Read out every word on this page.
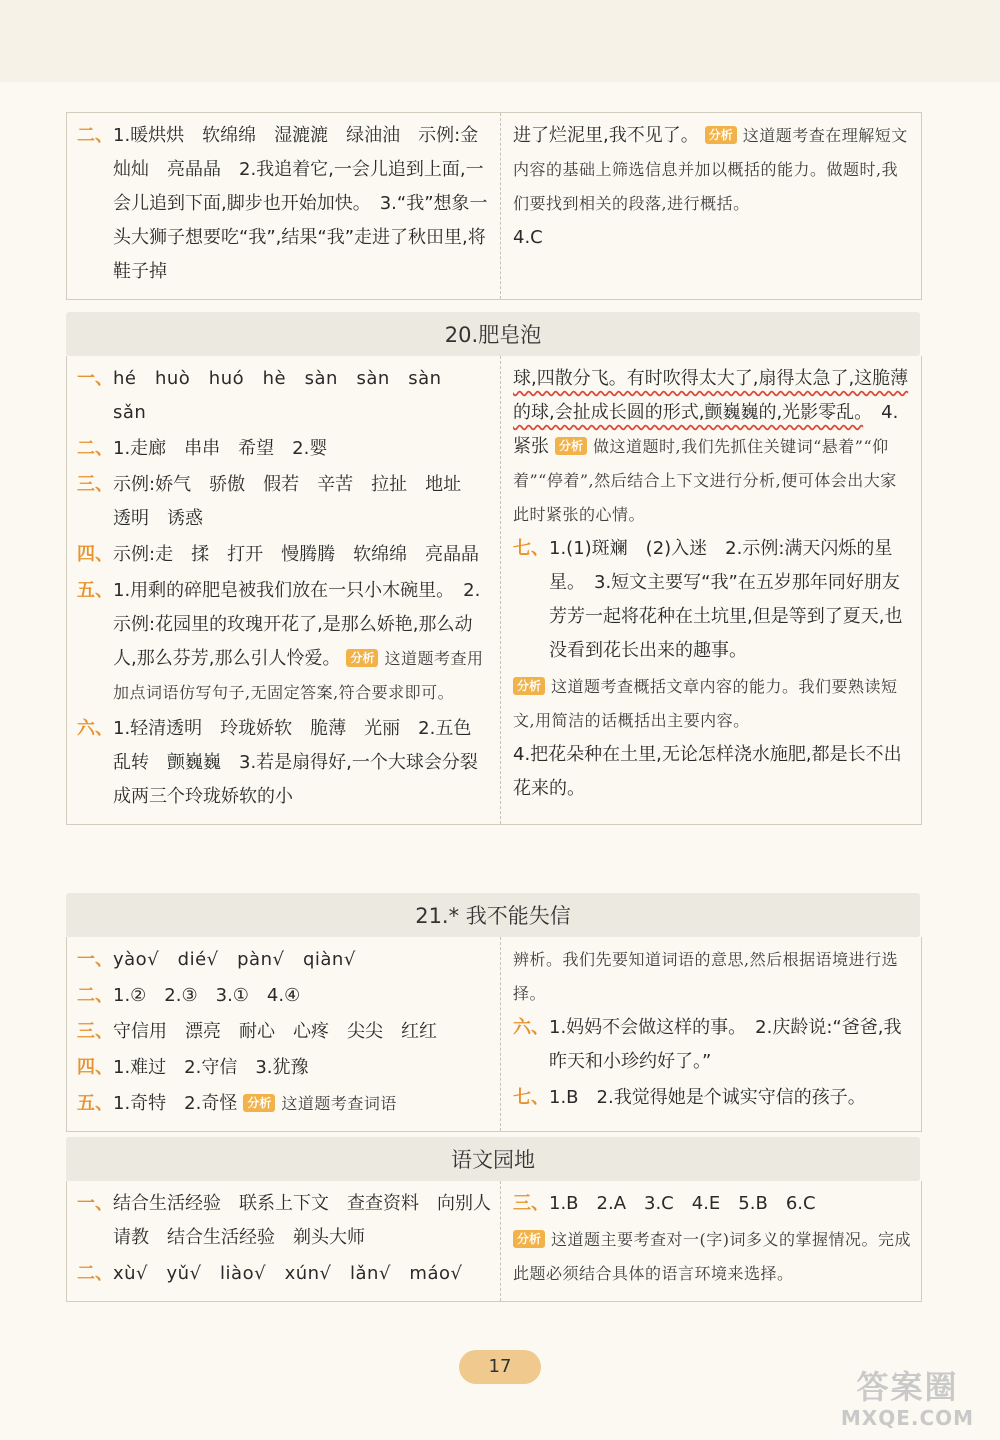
二、 1.暖烘烘　软绵绵　湿漉漉　绿油油　示例:金灿灿　亮晶晶　2.我追着它,一会儿追到上面,一会儿追到下面,脚步也开始加快。　3.“我”想象一头大狮子想要吃“我”,结果“我”走进了秋田里,将鞋子掉
进了烂泥里,我不见了。 分析 这道题考查在理解短文内容的基础上筛选信息并加以概括的能力。做题时,我们要找到相关的段落,进行概括。
4.C
20.肥皂泡
一、 hé　huò　huó　hè　sàn　sàn　sàn　sǎn
二、 1.走廊　串串　希望　2.婴
三、 示例:娇气　骄傲　假若　辛苦　拉扯　地址　透明　诱惑
四、 示例:走　揉　打开　慢腾腾　软绵绵　亮晶晶
五、 1.用剩的碎肥皂被我们放在一只小木碗里。　2.示例:花园里的玫瑰开花了,是那么娇艳,那么动人,那么芬芳,那么引人怜爱。 分析 这道题考查用加点词语仿写句子,无固定答案,符合要求即可。
六、 1.轻清透明　玲珑娇软　脆薄　光丽　2.五色　乱转　颤巍巍　3.若是扇得好,一个大球会分裂成两三个玲珑娇软的小
球,四散分飞。有时吹得太大了,扇得太急了,这脆薄的球,会扯成长圆的形式,颤巍巍的,光影零乱。　 4.紧张 分析 做这道题时,我们先抓住关键词“悬着”“仰着”“停着”,然后结合上下文进行分析,便可体会出大家此时紧张的心情。
七、 1.(1)斑斓　(2)入迷　2.示例:满天闪烁的星星。　3.短文主要写“我”在五岁那年同好朋友芳芳一起将花种在土坑里,但是等到了夏天,也没看到花长出来的趣事。
分析 这道题考查概括文章内容的能力。我们要熟读短文,用简洁的话概括出主要内容。
4.把花朵种在土里,无论怎样浇水施肥,都是长不出花来的。
21.* 我不能失信
一、 yào√　dié√　pàn√　qiàn√
二、 1.②　2.③　3.①　4.④
三、 守信用　漂亮　耐心　心疼　尖尖　红红
四、 1.难过　2.守信　3.犹豫
五、 1.奇特　2.奇怪 分析 这道题考查词语
辨析。我们先要知道词语的意思,然后根据语境进行选择。
六、 1.妈妈不会做这样的事。　2.庆龄说:“爸爸,我昨天和小珍约好了。”
七、 1.B　2.我觉得她是个诚实守信的孩子。
语文园地
一、 结合生活经验　联系上下文　查查资料　向别人请教　结合生活经验　剃头大师
二、 xù√　yǔ√　liào√　xún√　lǎn√　máo√
三、 1.B　2.A　3.C　4.E　5.B　6.C
分析 这道题主要考查对一(字)词多义的掌握情况。完成此题必须结合具体的语言环境来选择。
17
答案圈
MXQE.COM
